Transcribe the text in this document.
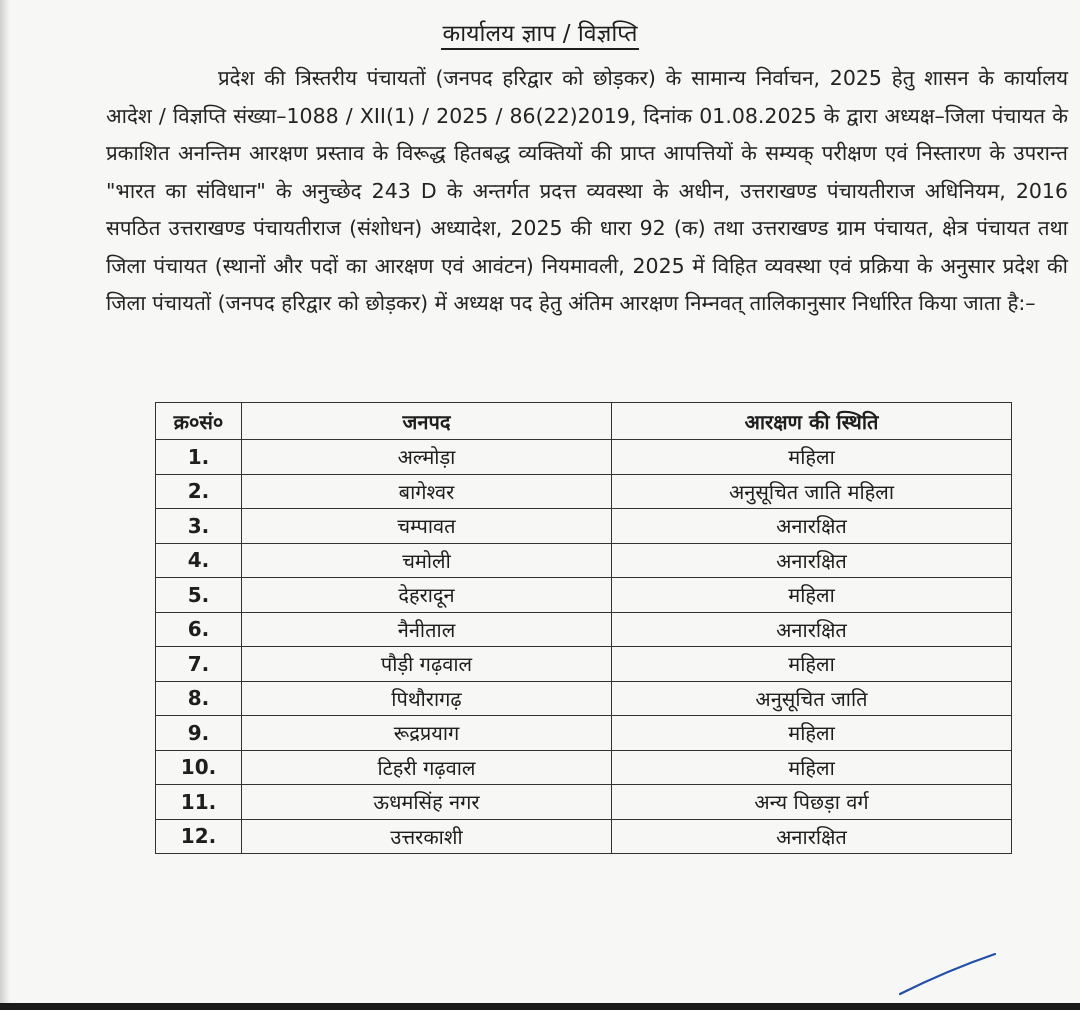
कार्यालय ज्ञाप / विज्ञप्ति

प्रदेश की त्रिस्तरीय पंचायतों (जनपद हरिद्वार को छोड़कर) के सामान्य निर्वाचन, 2025 हेतु शासन के कार्यालय आदेश / विज्ञप्ति संख्या–1088 / XII(1) / 2025 / 86(22)2019, दिनांक 01.08.2025 के द्वारा अध्यक्ष–जिला पंचायत के प्रकाशित अनन्तिम आरक्षण प्रस्ताव के विरूद्ध हितबद्ध व्यक्तियों की प्राप्त आपत्तियों के सम्यक् परीक्षण एवं निस्तारण के उपरान्त "भारत का संविधान" के अनुच्छेद 243 D के अन्तर्गत प्रदत्त व्यवस्था के अधीन, उत्तराखण्ड पंचायतीराज अधिनियम, 2016 सपठित उत्तराखण्ड पंचायतीराज (संशोधन) अध्यादेश, 2025 की धारा 92 (क) तथा उत्तराखण्ड ग्राम पंचायत, क्षेत्र पंचायत तथा जिला पंचायत (स्थानों और पदों का आरक्षण एवं आवंटन) नियमावली, 2025 में विहित व्यवस्था एवं प्रक्रिया के अनुसार प्रदेश की जिला पंचायतों (जनपद हरिद्वार को छोड़कर) में अध्यक्ष पद हेतु अंतिम आरक्षण निम्नवत् तालिकानुसार निर्धारित किया जाता है:–

क्र०सं०	जनपद	आरक्षण की स्थिति
1.	अल्मोड़ा	महिला
2.	बागेश्वर	अनुसूचित जाति महिला
3.	चम्पावत	अनारक्षित
4.	चमोली	अनारक्षित
5.	देहरादून	महिला
6.	नैनीताल	अनारक्षित
7.	पौड़ी गढ़वाल	महिला
8.	पिथौरागढ़	अनुसूचित जाति
9.	रूद्रप्रयाग	महिला
10.	टिहरी गढ़वाल	महिला
11.	ऊधमसिंह नगर	अन्य पिछड़ा वर्ग
12.	उत्तरकाशी	अनारक्षित
